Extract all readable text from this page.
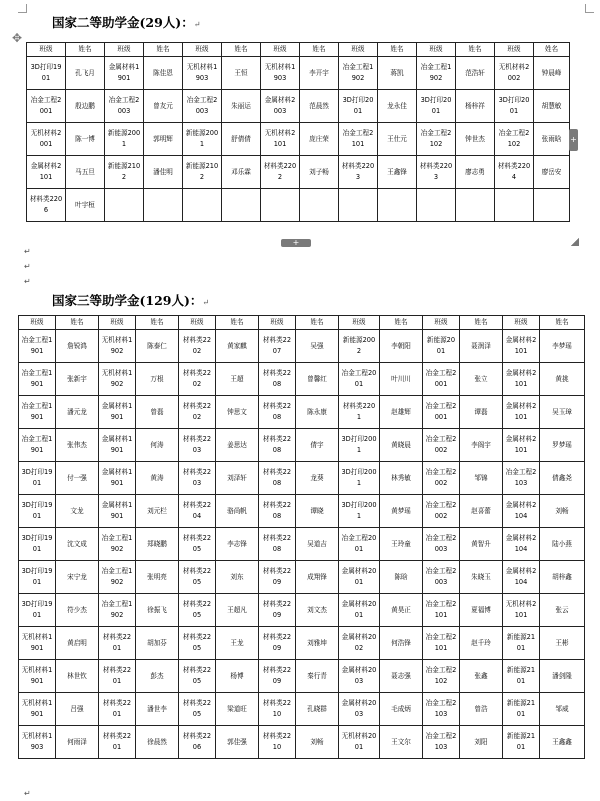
国家二等助学金(29人)：↵
✥
班级	姓名	班级	姓名	班级	姓名	班级	姓名	班级	姓名	班级	姓名	班级	姓名
3D打印1901	孔飞月	金属材料1901	陈佳恩	无机材料1903	王恒	无机材料1903	李开宇	冶金工程1902	蒋凯	冶金工程1902	范浩轩	无机材料2002	钟晨峰
冶金工程2001	殷边鹏	冶金工程2003	曾友元	冶金工程2003	朱丽运	金属材料2003	范晨然	3D打印2001	龙永佳	3D打印2001	杨梓祥	3D打印2001	胡慧敏
无机材料2001	陈一博	新能源2001	郭明辉	新能源2001	舒倩倩	无机材料2101	庞庄荣	冶金工程2101	王仕元	冶金工程2102	钟世杰	冶金工程2102	张雨晗
金属材料2101	马五旦	新能源2102	潘佳明	新能源2102	邓乐霖	材料类2202	刘子畅	材料类2203	王鑫锋	材料类2203	廖志勇	材料类2204	廖岳安
材料类2206	叶宇桓												
+
+
↵
↵
↵
国家三等助学金(129人)：↵
班级	姓名	班级	姓名	班级	姓名	班级	姓名	班级	姓名	班级	姓名	班级	姓名
冶金工程1901	詹锐鸿	无机材料1902	陈泰仁	材料类2202	黄家麒	材料类2207	吴强	新能源2002	李朝阳	新能源2001	聂润泽	金属材料2101	李梦瑶
冶金工程1901	张新宇	无机材料1902	万根	材料类2202	王超	材料类2208	曾馨红	冶金工程2001	叶川川	冶金工程2001	张立	金属材料2101	黄挑
冶金工程1901	潘元龙	金属材料1901	曾磊	材料类2202	钟思文	材料类2208	陈永康	材料类2201	赵雄辉	冶金工程2001	谭磊	金属材料2101	吴玉璋
冶金工程1901	张伟杰	金属材料1901	何涛	材料类2203	姜思达	材料类2208	倩宇	3D打印2001	黄晓晨	冶金工程2002	李阁宇	金属材料2101	罗梦瑶
3D打印1901	付一强	金属材料1901	黄涛	材料类2203	刘泽轩	材料类2208	龙葵	3D打印2001	林秀敏	冶金工程2002	邹锦	冶金工程2103	倩鑫尧
3D打印1901	文龙	金属材料1901	刘元栏	材料类2204	骆尚帆	材料类2208	谭晓	3D打印2001	黄梦瑶	冶金工程2002	赵喜蕾	金属材料2104	刘畅
3D打印1901	沈文成	冶金工程1902	郑晓鹏	材料类2205	李志锋	材料类2208	吴道吉	冶金工程2001	王玲童	冶金工程2003	黄智升	金属材料2104	陆小燕
3D打印1901	宋宁龙	冶金工程1902	张明亮	材料类2205	刘东	材料类2209	成翔锋	金属材料2001	陈晗	冶金工程2003	朱晓玉	金属材料2104	胡梓鑫
3D打印1901	符少杰	冶金工程1902	徐振飞	材料类2205	王超凡	材料类2209	刘文杰	金属材料2001	黄昊正	冶金工程2101	夏福博	无机材料2101	张云
无机材料1901	黄启明	材料类2201	胡加芬	材料类2205	王龙	材料类2209	刘雅坤	金属材料2002	何浩锋	冶金工程2101	赵千玲	新能源2101	王彬
无机材料1901	林世钦	材料类2201	彭杰	材料类2205	杨博	材料类2209	秦行青	金属材料2003	聂志强	冶金工程2102	张鑫	新能源2101	潘剑隆
无机材料1901	吕强	材料类2201	潘世李	材料类2205	梁道旺	材料类2210	孔晓群	金属材料2003	毛成炳	冶金工程2103	曾浩	新能源2101	邹威
无机材料1903	何雨泽	材料类2201	徐晨然	材料类2206	郭佳强	材料类2210	刘畅	无机材料2001	王文尔	冶金工程2103	刘阳	新能源2101	王鑫鑫
↵
